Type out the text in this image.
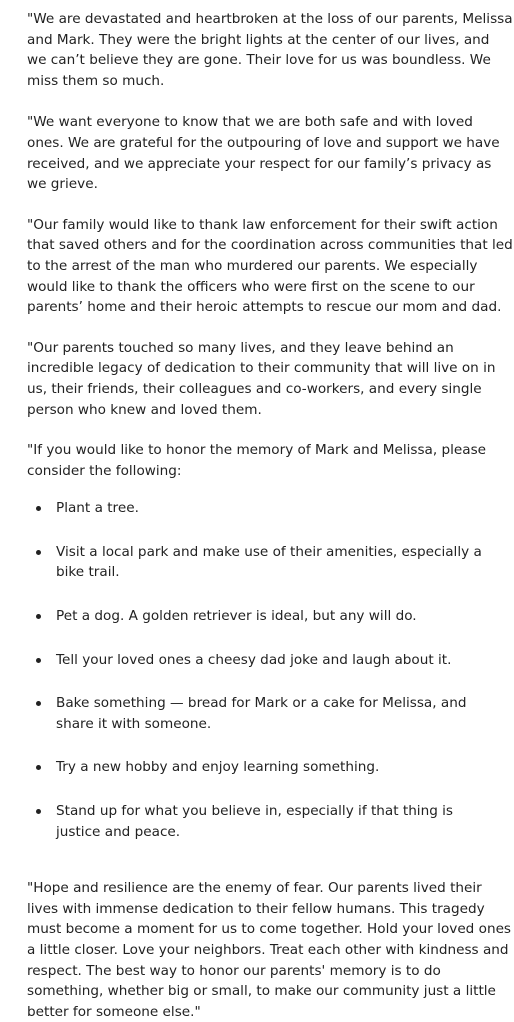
"We are devastated and heartbroken at the loss of our parents, Melissa and Mark. They were the bright lights at the center of our lives, and we can’t believe they are gone. Their love for us was boundless. We miss them so much.

"We want everyone to know that we are both safe and with loved ones. We are grateful for the outpouring of love and support we have received, and we appreciate your respect for our family’s privacy as we grieve.

"Our family would like to thank law enforcement for their swift action that saved others and for the coordination across communities that led to the arrest of the man who murdered our parents. We especially would like to thank the officers who were first on the scene to our parents’ home and their heroic attempts to rescue our mom and dad.

"Our parents touched so many lives, and they leave behind an incredible legacy of dedication to their community that will live on in us, their friends, their colleagues and co-workers, and every single person who knew and loved them.

"If you would like to honor the memory of Mark and Melissa, please consider the following:

Plant a tree.
Visit a local park and make use of their amenities, especially a bike trail.
Pet a dog. A golden retriever is ideal, but any will do.
Tell your loved ones a cheesy dad joke and laugh about it.
Bake something — bread for Mark or a cake for Melissa, and share it with someone.
Try a new hobby and enjoy learning something.
Stand up for what you believe in, especially if that thing is justice and peace.

"Hope and resilience are the enemy of fear. Our parents lived their lives with immense dedication to their fellow humans. This tragedy must become a moment for us to come together. Hold your loved ones a little closer. Love your neighbors. Treat each other with kindness and respect. The best way to honor our parents' memory is to do something, whether big or small, to make our community just a little better for someone else."
